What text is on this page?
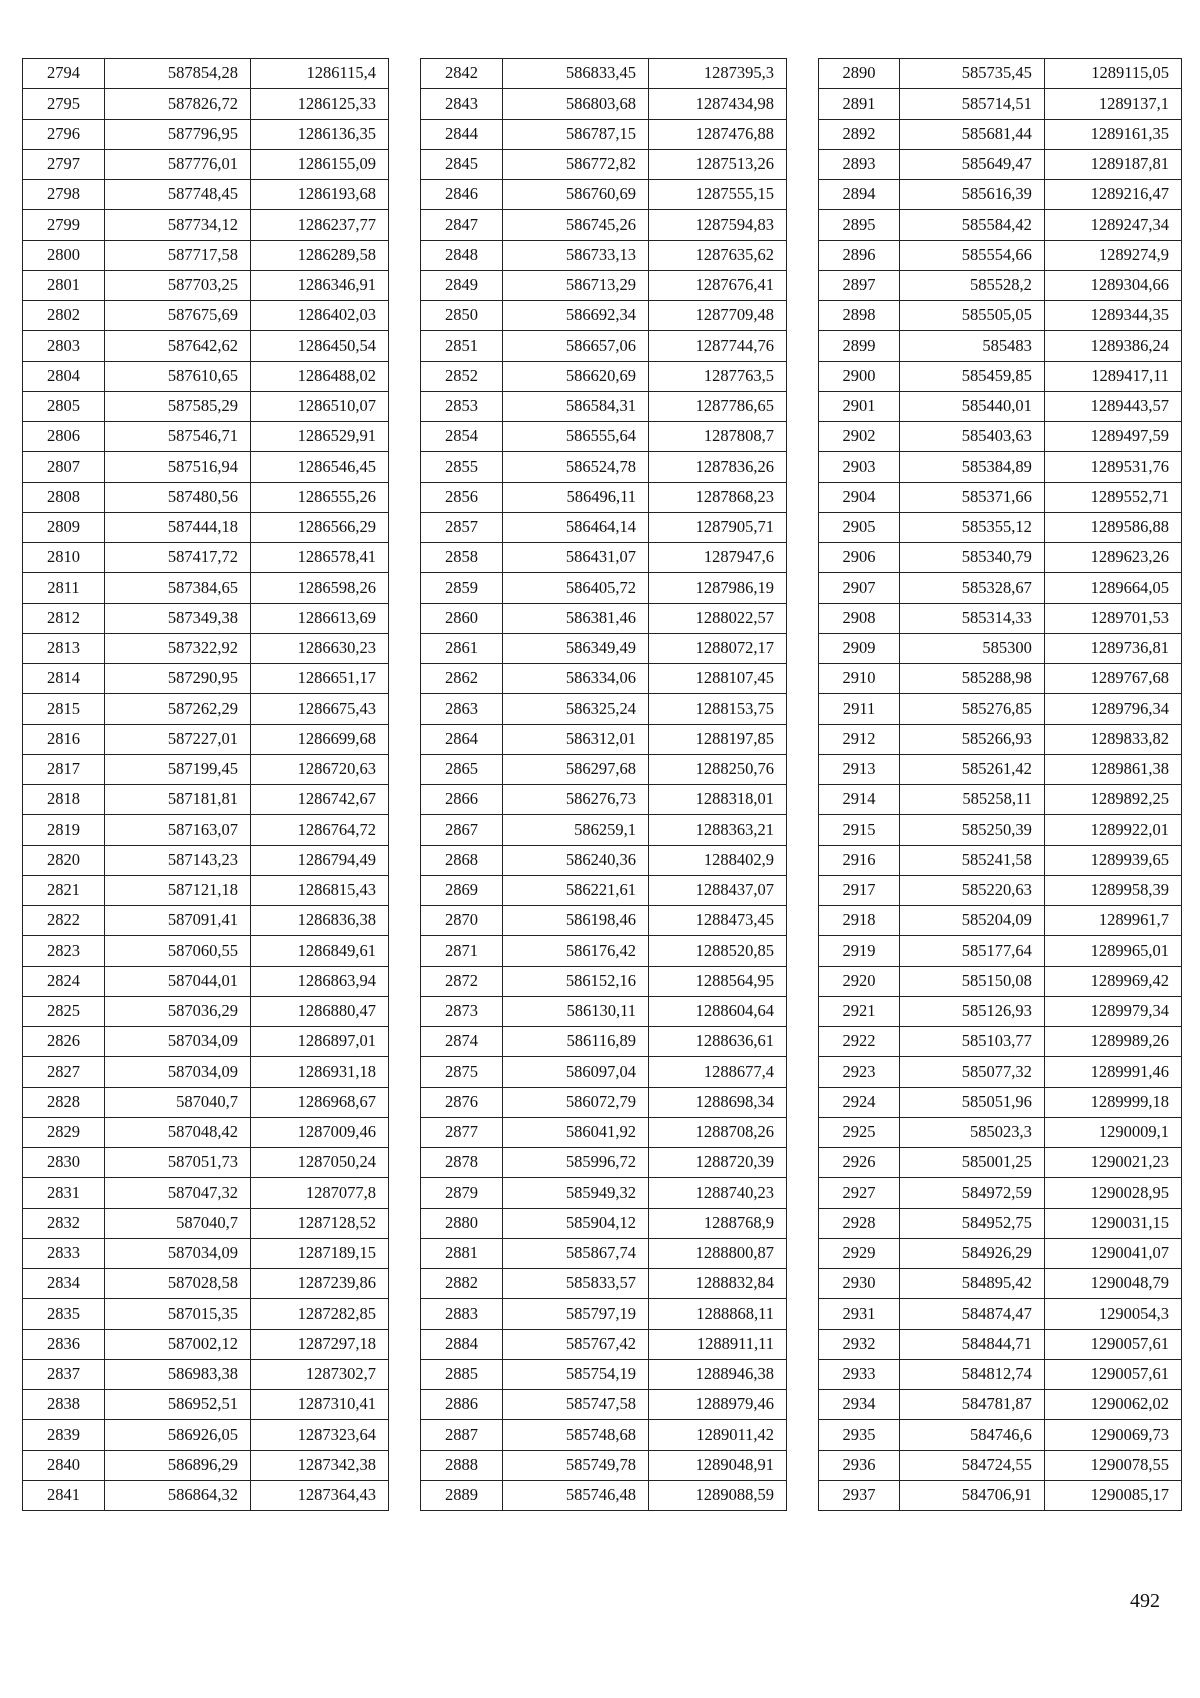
2794	587854,28	1286115,4
2795	587826,72	1286125,33
2796	587796,95	1286136,35
2797	587776,01	1286155,09
2798	587748,45	1286193,68
2799	587734,12	1286237,77
2800	587717,58	1286289,58
2801	587703,25	1286346,91
2802	587675,69	1286402,03
2803	587642,62	1286450,54
2804	587610,65	1286488,02
2805	587585,29	1286510,07
2806	587546,71	1286529,91
2807	587516,94	1286546,45
2808	587480,56	1286555,26
2809	587444,18	1286566,29
2810	587417,72	1286578,41
2811	587384,65	1286598,26
2812	587349,38	1286613,69
2813	587322,92	1286630,23
2814	587290,95	1286651,17
2815	587262,29	1286675,43
2816	587227,01	1286699,68
2817	587199,45	1286720,63
2818	587181,81	1286742,67
2819	587163,07	1286764,72
2820	587143,23	1286794,49
2821	587121,18	1286815,43
2822	587091,41	1286836,38
2823	587060,55	1286849,61
2824	587044,01	1286863,94
2825	587036,29	1286880,47
2826	587034,09	1286897,01
2827	587034,09	1286931,18
2828	587040,7	1286968,67
2829	587048,42	1287009,46
2830	587051,73	1287050,24
2831	587047,32	1287077,8
2832	587040,7	1287128,52
2833	587034,09	1287189,15
2834	587028,58	1287239,86
2835	587015,35	1287282,85
2836	587002,12	1287297,18
2837	586983,38	1287302,7
2838	586952,51	1287310,41
2839	586926,05	1287323,64
2840	586896,29	1287342,38
2841	586864,32	1287364,43
2842	586833,45	1287395,3
2843	586803,68	1287434,98
2844	586787,15	1287476,88
2845	586772,82	1287513,26
2846	586760,69	1287555,15
2847	586745,26	1287594,83
2848	586733,13	1287635,62
2849	586713,29	1287676,41
2850	586692,34	1287709,48
2851	586657,06	1287744,76
2852	586620,69	1287763,5
2853	586584,31	1287786,65
2854	586555,64	1287808,7
2855	586524,78	1287836,26
2856	586496,11	1287868,23
2857	586464,14	1287905,71
2858	586431,07	1287947,6
2859	586405,72	1287986,19
2860	586381,46	1288022,57
2861	586349,49	1288072,17
2862	586334,06	1288107,45
2863	586325,24	1288153,75
2864	586312,01	1288197,85
2865	586297,68	1288250,76
2866	586276,73	1288318,01
2867	586259,1	1288363,21
2868	586240,36	1288402,9
2869	586221,61	1288437,07
2870	586198,46	1288473,45
2871	586176,42	1288520,85
2872	586152,16	1288564,95
2873	586130,11	1288604,64
2874	586116,89	1288636,61
2875	586097,04	1288677,4
2876	586072,79	1288698,34
2877	586041,92	1288708,26
2878	585996,72	1288720,39
2879	585949,32	1288740,23
2880	585904,12	1288768,9
2881	585867,74	1288800,87
2882	585833,57	1288832,84
2883	585797,19	1288868,11
2884	585767,42	1288911,11
2885	585754,19	1288946,38
2886	585747,58	1288979,46
2887	585748,68	1289011,42
2888	585749,78	1289048,91
2889	585746,48	1289088,59
2890	585735,45	1289115,05
2891	585714,51	1289137,1
2892	585681,44	1289161,35
2893	585649,47	1289187,81
2894	585616,39	1289216,47
2895	585584,42	1289247,34
2896	585554,66	1289274,9
2897	585528,2	1289304,66
2898	585505,05	1289344,35
2899	585483	1289386,24
2900	585459,85	1289417,11
2901	585440,01	1289443,57
2902	585403,63	1289497,59
2903	585384,89	1289531,76
2904	585371,66	1289552,71
2905	585355,12	1289586,88
2906	585340,79	1289623,26
2907	585328,67	1289664,05
2908	585314,33	1289701,53
2909	585300	1289736,81
2910	585288,98	1289767,68
2911	585276,85	1289796,34
2912	585266,93	1289833,82
2913	585261,42	1289861,38
2914	585258,11	1289892,25
2915	585250,39	1289922,01
2916	585241,58	1289939,65
2917	585220,63	1289958,39
2918	585204,09	1289961,7
2919	585177,64	1289965,01
2920	585150,08	1289969,42
2921	585126,93	1289979,34
2922	585103,77	1289989,26
2923	585077,32	1289991,46
2924	585051,96	1289999,18
2925	585023,3	1290009,1
2926	585001,25	1290021,23
2927	584972,59	1290028,95
2928	584952,75	1290031,15
2929	584926,29	1290041,07
2930	584895,42	1290048,79
2931	584874,47	1290054,3
2932	584844,71	1290057,61
2933	584812,74	1290057,61
2934	584781,87	1290062,02
2935	584746,6	1290069,73
2936	584724,55	1290078,55
2937	584706,91	1290085,17
492
